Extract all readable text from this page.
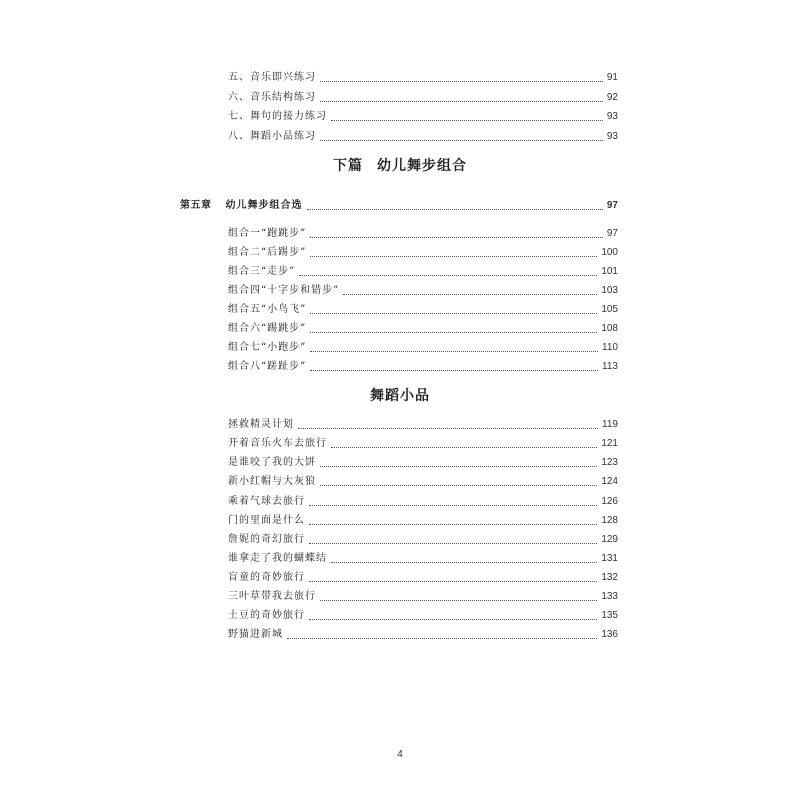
五、音乐即兴练习	91
六、音乐结构练习	92
七、舞句的接力练习	93
八、舞蹈小品练习	93
下篇 幼儿舞步组合
第五章 幼儿舞步组合选	97
组合一“跑跳步”	97
组合二“后踢步”	100
组合三“走步”	101
组合四“十字步和错步”	103
组合五“小鸟飞”	105
组合六“踢跳步”	108
组合七“小跑步”	110
组合八“蹉趾步”	113
舞蹈小品
拯救精灵计划	119
开着音乐火车去旅行	121
是谁咬了我的大饼	123
新小红帽与大灰狼	124
乘着气球去旅行	126
门的里面是什么	128
詹妮的奇幻旅行	129
谁拿走了我的蝴蝶结	131
盲童的奇妙旅行	132
三叶草带我去旅行	133
土豆的奇妙旅行	135
野猫进新城	136
4
